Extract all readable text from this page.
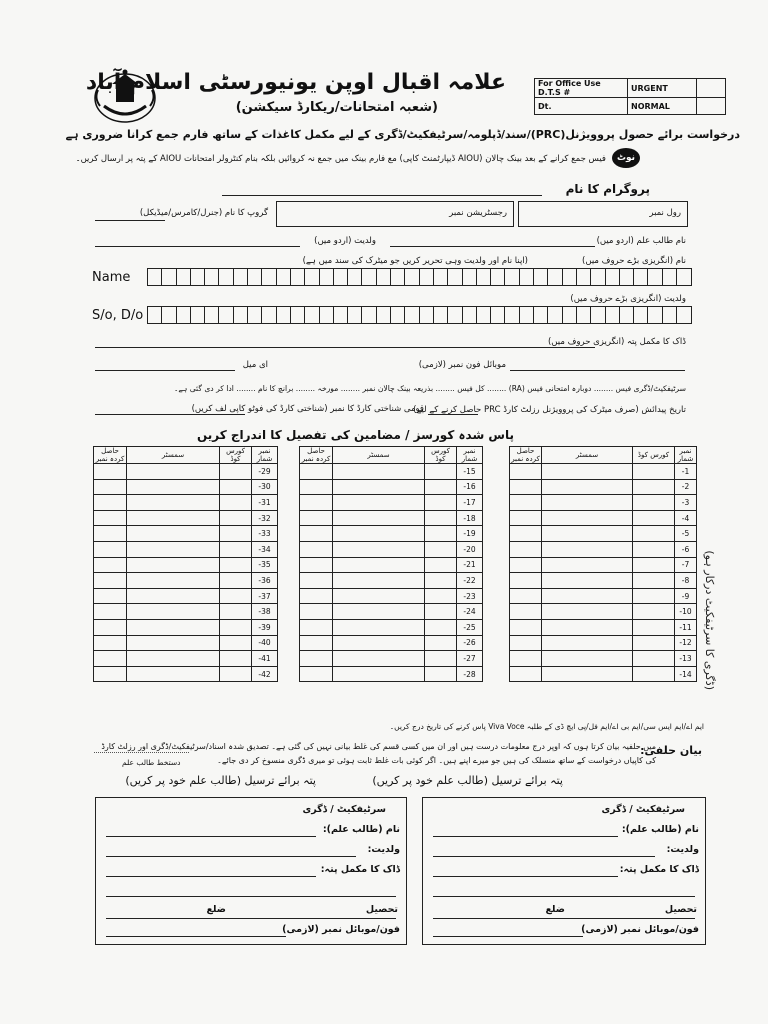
علامہ اقبال اوپن یونیورسٹی اسلام آباد
(شعبہ امتحانات/ریکارڈ سیکشن)
For Office Use D.T.S #	URGENT	
Dt.	NORMAL	
درخواست برائے حصول پروویژنل(PRC)/سند/ڈپلومہ/سرٹیفکیٹ/ڈگری کے لیے مکمل کاغذات کے ساتھ فارم جمع کرانا ضروری ہے
نوٹ
فیس جمع کرانے کے بعد بینک چالان (AIOU ڈیپارٹمنٹ کاپی) مع فارم بینک میں جمع نہ کروائیں بلکہ بنام کنٹرولر امتحانات AIOU کے پتہ پر ارسال کریں۔
پروگرام کا نام
رول نمبر
رجسٹریشن نمبر
گروپ کا نام (جنرل/کامرس/میڈیکل)
نام طالب علم (اردو میں)
ولدیت (اردو میں)
نام (انگریزی بڑے حروف میں)
(اپنا نام اور ولدیت وہی تحریر کریں جو میٹرک کی سند میں ہے)
Name
ولدیت (انگریزی بڑے حروف میں)
S/o, D/o
ڈاک کا مکمل پتہ (انگریزی حروف میں)
موبائل فون نمبر (لازمی)
ای میل
سرٹیفکیٹ/ڈگری فیس ........ دوبارہ امتحانی فیس (RA) ........ کل فیس ........ بذریعہ بینک چالان نمبر ........ مورخہ ........ برانچ کا نام ........ ادا کر دی گئی ہے۔
تاریخ پیدائش (صرف میٹرک کی پروویژنل رزلٹ کارڈ PRC حاصل کرنے کے لیے)
قومی شناختی کارڈ کا نمبر (شناختی کارڈ کی فوٹو کاپی لف کریں)
پاس شدہ کورسز / مضامین کی تفصیل کا اندراج کریں
حاصل کردہ نمبر	سمسٹر	کورس کوڈ	نمبر شمار
			-29
			-30
			-31
			-32
			-33
			-34
			-35
			-36
			-37
			-38
			-39
			-40
			-41
			-42
حاصل کردہ نمبر	سمسٹر	کورس کوڈ	نمبر شمار
			-15
			-16
			-17
			-18
			-19
			-20
			-21
			-22
			-23
			-24
			-25
			-26
			-27
			-28
حاصل کردہ نمبر	سمسٹر	کورس کوڈ	نمبر شمار
			-1
			-2
			-3
			-4
			-5
			-6
			-7
			-8
			-9
			-10
			-11
			-12
			-13
			-14 (ڈگری کا سرٹیفکیٹ درکار ہو)
ایم اے/ایم ایس سی/ایم بی اے/ایم فل/پی ایچ ڈی کے طلبہ Viva Voce پاس کرنے کی تاریخ درج کریں۔
بیان حلفی:
میں حلفیہ بیان کرتا ہوں کہ اوپر درج معلومات درست ہیں اور ان میں کسی قسم کی غلط بیانی نہیں کی گئی ہے۔ تصدیق شدہ اسناد/سرٹیفکیٹ/ڈگری اور رزلٹ کارڈ
کی کاپیاں درخواست کے ساتھ منسلک کی ہیں جو میرے اپنے ہیں۔ اگر کوئی بات غلط ثابت ہوئی تو میری ڈگری منسوخ کر دی جائے۔
دستخط طالب علم
پتہ برائے ترسیل (طالب علم خود پر کریں)
پتہ برائے ترسیل (طالب علم خود پر کریں)
سرٹیفکیٹ / ڈگری
نام (طالب علم):
ولدیت:
ڈاک کا مکمل پتہ:
تحصیل
ضلع
فون/موبائل نمبر (لازمی)
سرٹیفکیٹ / ڈگری
نام (طالب علم):
ولدیت:
ڈاک کا مکمل پتہ:
تحصیل
ضلع
فون/موبائل نمبر (لازمی)
